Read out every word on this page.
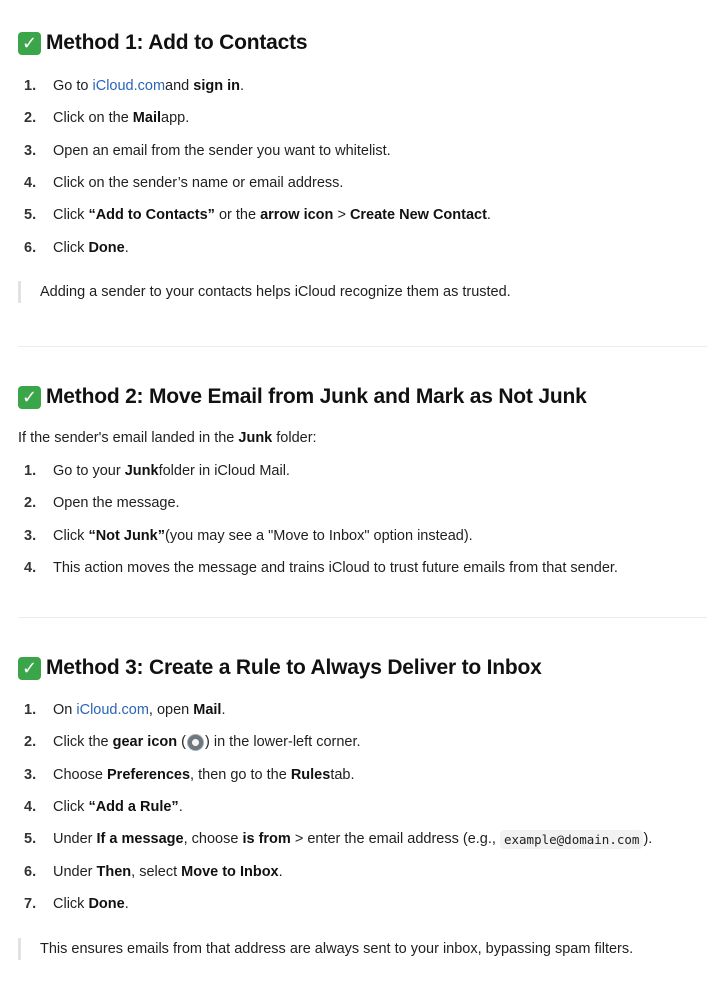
✓ Method 1: Add to Contacts
1.	Go to
iCloud.com and
sign in .
2.	Click on the
Mail app.
3.	Open an email from the sender you want to whitelist.
4.	Click on the sender’s name or email address.
5.	Click
“Add to Contacts”
or the
arrow icon
>
Create New Contact .
6.	Click
Done .
Adding a sender to your contacts helps iCloud recognize them as trusted.
✓ Method 2: Move Email from Junk and Mark as Not Junk

If the sender's email landed in the Junk folder:

1.	Go to your
Junk folder in iCloud Mail.
2.	Open the message.
3.	Click
“Not Junk” (you may see a "Move to Inbox" option instead).
4.	This action moves the message and trains iCloud to trust future emails from that sender.
✓ Method 3: Create a Rule to Always Deliver to Inbox
1.	On
iCloud.com , open
Mail .
2.	Click the
gear icon
( ) in the lower-left corner.
3.	Choose
Preferences , then go to the
Rules tab.
4.	Click
“Add a Rule” .
5.	Under
If a message , choose
is from
> enter the email address (e.g.,
example@domain.com ).
6.	Under
Then , select
Move to Inbox .
7.	Click
Done .
This ensures emails from that address are always sent to your inbox, bypassing spam filters.
